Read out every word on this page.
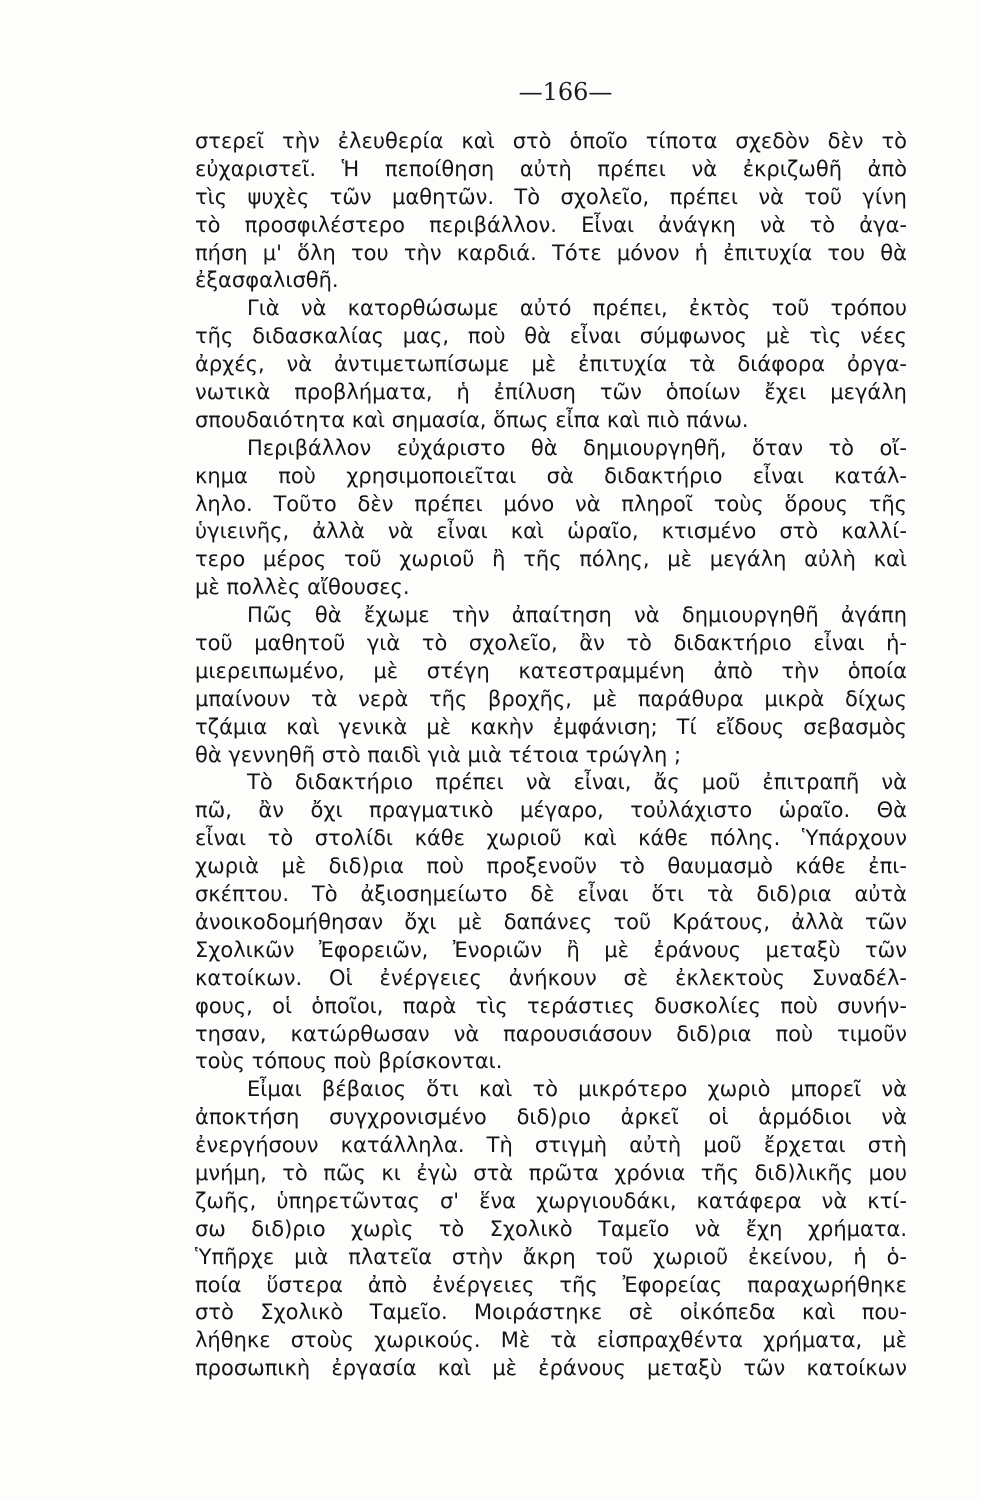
—166—
στερεῖ τὴν ἐλευθερία καὶ στὸ ὁποῖο τίποτα σχεδὸν δὲν τὸ
εὐχαριστεῖ. Ἡ πεποίθηση αὐτὴ πρέπει νὰ ἐκριζωθῆ ἀπὸ
τὶς ψυχὲς τῶν μαθητῶν. Τὸ σχολεῖο, πρέπει νὰ τοῦ γίνη
τὸ προσφιλέστερο περιβάλλον. Εἶναι ἀνάγκη νὰ τὸ ἀγα-
πήση μ' ὅλη του τὴν καρδιά. Τότε μόνον ἡ ἐπιτυχία του θὰ
ἐξασφαλισθῆ.
Γιὰ νὰ κατορθώσωμε αὐτό πρέπει, ἐκτὸς τοῦ τρόπου
τῆς διδασκαλίας μας, ποὺ θὰ εἶναι σύμφωνος μὲ τὶς νέες
ἀρχές, νὰ ἀντιμετωπίσωμε μὲ ἐπιτυχία τὰ διάφορα ὀργα-
νωτικὰ προβλήματα, ἡ ἐπίλυση τῶν ὁποίων ἔχει μεγάλη
σπουδαιότητα καὶ σημασία, ὅπως εἶπα καὶ πιὸ πάνω.
Περιβάλλον εὐχάριστο θὰ δημιουργηθῆ, ὅταν τὸ οἴ-
κημα ποὺ χρησιμοποιεῖται σὰ διδακτήριο εἶναι κατάλ-
ληλο. Τοῦτο δὲν πρέπει μόνο νὰ πληροῖ τοὺς ὅρους τῆς
ὑγιεινῆς, ἀλλὰ νὰ εἶναι καὶ ὡραῖο, κτισμένο στὸ καλλί-
τερο μέρος τοῦ χωριοῦ ἢ τῆς πόλης, μὲ μεγάλη αὐλὴ καὶ
μὲ πολλὲς αἴθουσες.
Πῶς θὰ ἔχωμε τὴν ἀπαίτηση νὰ δημιουργηθῆ ἀγάπη
τοῦ μαθητοῦ γιὰ τὸ σχολεῖο, ἂν τὸ διδακτήριο εἶναι ἡ-
μιερειπωμένο, μὲ στέγη κατεστραμμένη ἀπὸ τὴν ὁποία
μπαίνουν τὰ νερὰ τῆς βροχῆς, μὲ παράθυρα μικρὰ δίχως
τζάμια καὶ γενικὰ μὲ κακὴν ἐμφάνιση; Τί εἴδους σεβασμὸς
θὰ γεννηθῆ στὸ παιδὶ γιὰ μιὰ τέτοια τρώγλη ;
Τὸ διδακτήριο πρέπει νὰ εἶναι, ἄς μοῦ ἐπιτραπῆ νὰ
πῶ, ἂν ὄχι πραγματικὸ μέγαρο, τοὐλάχιστο ὡραῖο. Θὰ
εἶναι τὸ στολίδι κάθε χωριοῦ καὶ κάθε πόλης. Ὑπάρχουν
χωριὰ μὲ διδ)ρια ποὺ προξενοῦν τὸ θαυμασμὸ κάθε ἐπι-
σκέπτου. Τὸ ἀξιοσημείωτο δὲ εἶναι ὅτι τὰ διδ)ρια αὐτὰ
ἀνοικοδομήθησαν ὄχι μὲ δαπάνες τοῦ Κράτους, ἀλλὰ τῶν
Σχολικῶν Ἐφορειῶν, Ἐνοριῶν ἢ μὲ ἐράνους μεταξὺ τῶν
κατοίκων. Οἱ ἐνέργειες ἀνήκουν σὲ ἐκλεκτοὺς Συναδέλ-
φους, οἱ ὁποῖοι, παρὰ τὶς τεράστιες δυσκολίες ποὺ συνήν-
τησαν, κατώρθωσαν νὰ παρουσιάσουν διδ)ρια ποὺ τιμοῦν
τοὺς τόπους ποὺ βρίσκονται.
Εἶμαι βέβαιος ὅτι καὶ τὸ μικρότερο χωριὸ μπορεῖ νὰ
ἀποκτήση συγχρονισμένο διδ)ριο ἀρκεῖ οἱ ἁρμόδιοι νὰ
ἐνεργήσουν κατάλληλα. Τὴ στιγμὴ αὐτὴ μοῦ ἔρχεται στὴ
μνήμη, τὸ πῶς κι ἐγὼ στὰ πρῶτα χρόνια τῆς διδ)λικῆς μου
ζωῆς, ὑπηρετῶντας σ' ἕνα χωργιουδάκι, κατάφερα νὰ κτί-
σω διδ)ριο χωρὶς τὸ Σχολικὸ Ταμεῖο νὰ ἔχη χρήματα.
Ὑπῆρχε μιὰ πλατεῖα στὴν ἄκρη τοῦ χωριοῦ ἐκείνου, ἡ ὁ-
ποία ὕστερα ἀπὸ ἐνέργειες τῆς Ἐφορείας παραχωρήθηκε
στὸ Σχολικὸ Ταμεῖο. Μοιράστηκε σὲ οἰκόπεδα καὶ που-
λήθηκε στοὺς χωρικούς. Μὲ τὰ εἰσπραχθέντα χρήματα, μὲ
προσωπικὴ ἐργασία καὶ μὲ ἐράνους μεταξὺ τῶν κατοίκων
